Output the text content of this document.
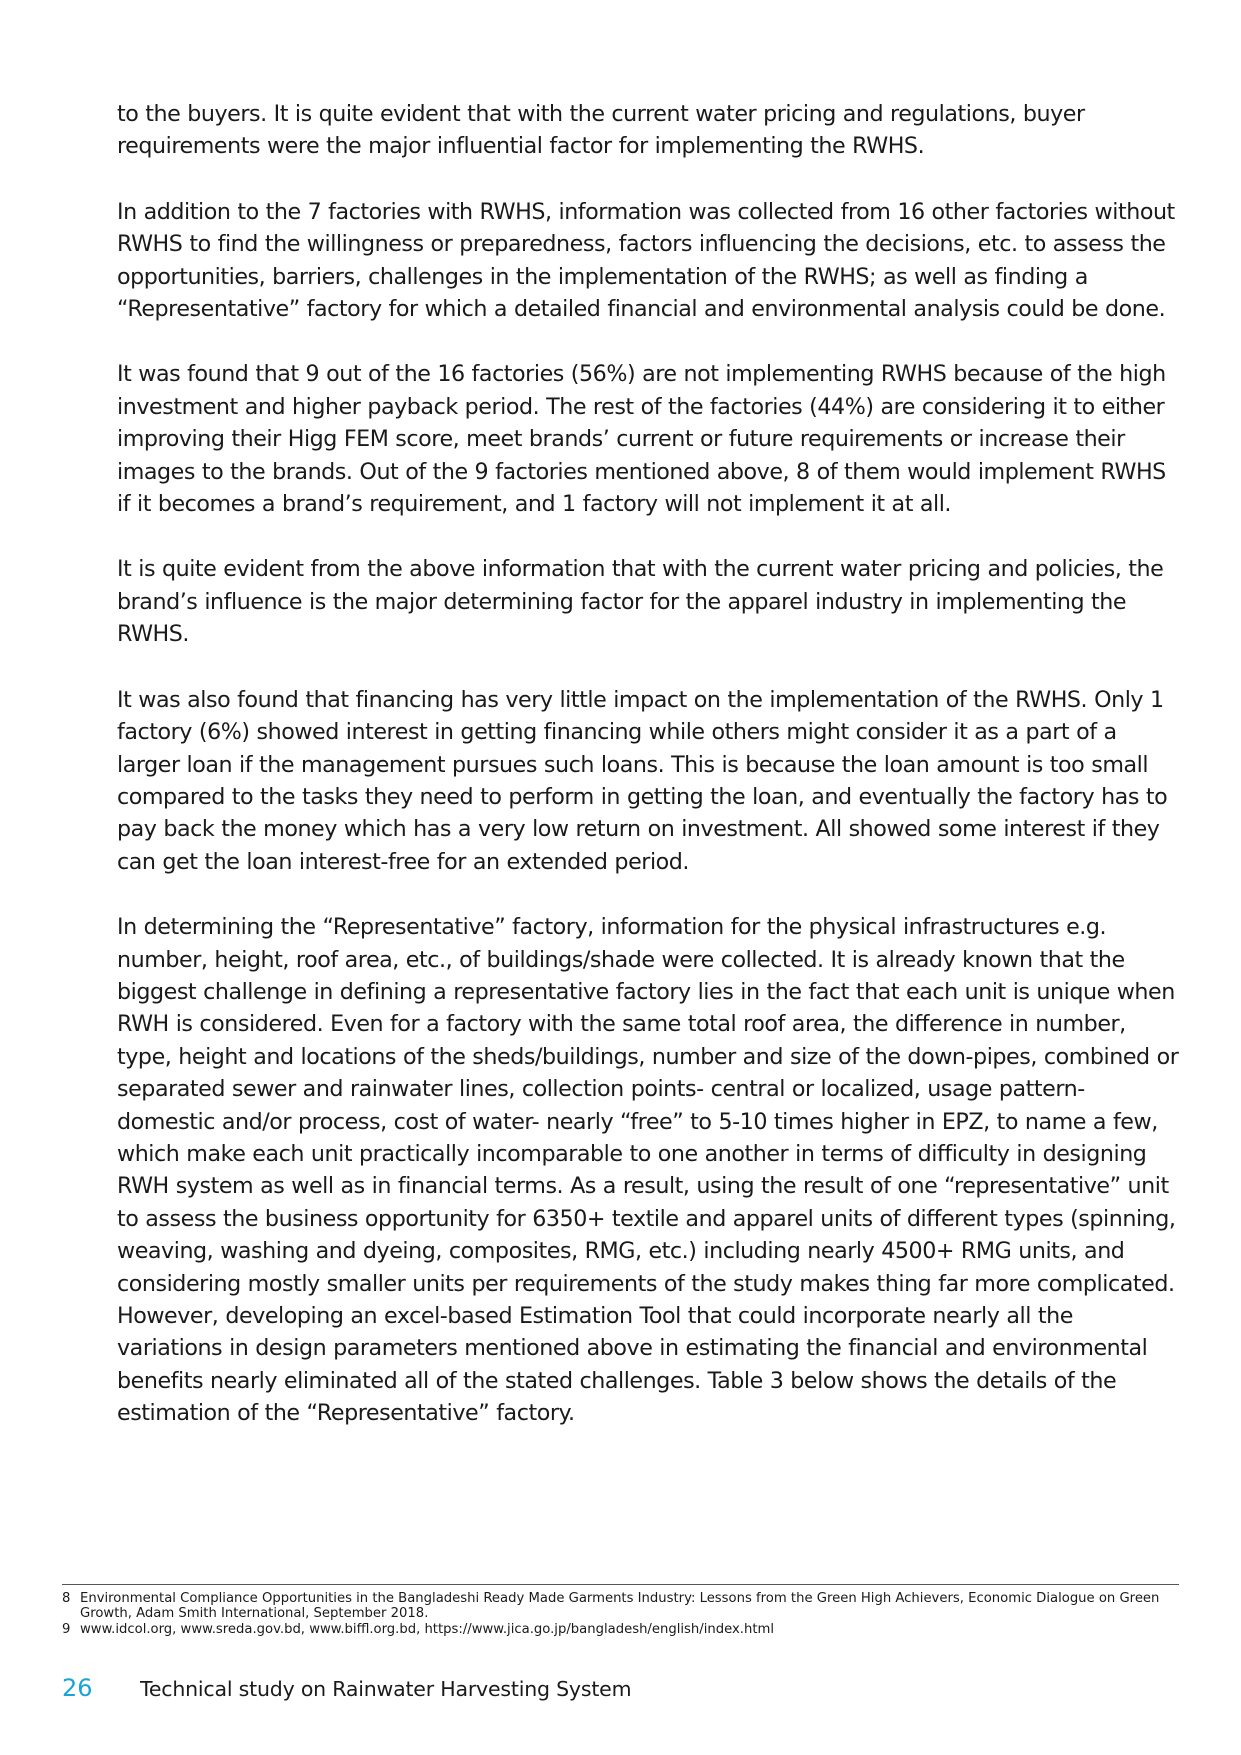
to the buyers. It is quite evident that with the current water pricing and regulations, buyer requirements were the major influential factor for implementing the RWHS.

In addition to the 7 factories with RWHS, information was collected from 16 other factories without RWHS to find the willingness or preparedness, factors influencing the decisions, etc. to assess the opportunities, barriers, challenges in the implementation of the RWHS; as well as finding a “Representative” factory for which a detailed financial and environmental analysis could be done.

It was found that 9 out of the 16 factories (56%) are not implementing RWHS because of the high investment and higher payback period. The rest of the factories (44%) are considering it to either improving their Higg FEM score, meet brands’ current or future requirements or increase their images to the brands. Out of the 9 factories mentioned above, 8 of them would implement RWHS if it becomes a brand’s requirement, and 1 factory will not implement it at all.

It is quite evident from the above information that with the current water pricing and policies, the brand’s influence is the major determining factor for the apparel industry in implementing the RWHS.

It was also found that financing has very little impact on the implementation of the RWHS. Only 1 factory (6%) showed interest in getting financing while others might consider it as a part of a larger loan if the management pursues such loans. This is because the loan amount is too small compared to the tasks they need to perform in getting the loan, and eventually the factory has to pay back the money which has a very low return on investment. All showed some interest if they can get the loan interest-free for an extended period.

In determining the “Representative” factory, information for the physical infrastructures e.g. number, height, roof area, etc., of buildings/shade were collected. It is already known that the biggest challenge in defining a representative factory lies in the fact that each unit is unique when RWH is considered. Even for a factory with the same total roof area, the difference in number, type, height and locations of the sheds/buildings, number and size of the down-pipes, combined or separated sewer and rainwater lines, collection points- central or localized, usage pattern- domestic and/or process, cost of water- nearly “free” to 5-10 times higher in EPZ, to name a few, which make each unit practically incomparable to one another in terms of difficulty in designing RWH system as well as in financial terms. As a result, using the result of one “representative” unit to assess the business opportunity for 6350+ textile and apparel units of different types (spinning, weaving, washing and dyeing, composites, RMG, etc.) including nearly 4500+ RMG units, and considering mostly smaller units per requirements of the study makes thing far more complicated. However, developing an excel-based Estimation Tool that could incorporate nearly all the variations in design parameters mentioned above in estimating the financial and environmental benefits nearly eliminated all of the stated challenges. Table 3 below shows the details of the estimation of the “Representative” factory.

8 Environmental Compliance Opportunities in the Bangladeshi Ready Made Garments Industry: Lessons from the Green High Achievers, Economic Dialogue on Green Growth, Adam Smith International, September 2018.
9 www.idcol.org, www.sreda.gov.bd, www.biffl.org.bd, https://www.jica.go.jp/bangladesh/english/index.html
26	Technical study on Rainwater Harvesting System
